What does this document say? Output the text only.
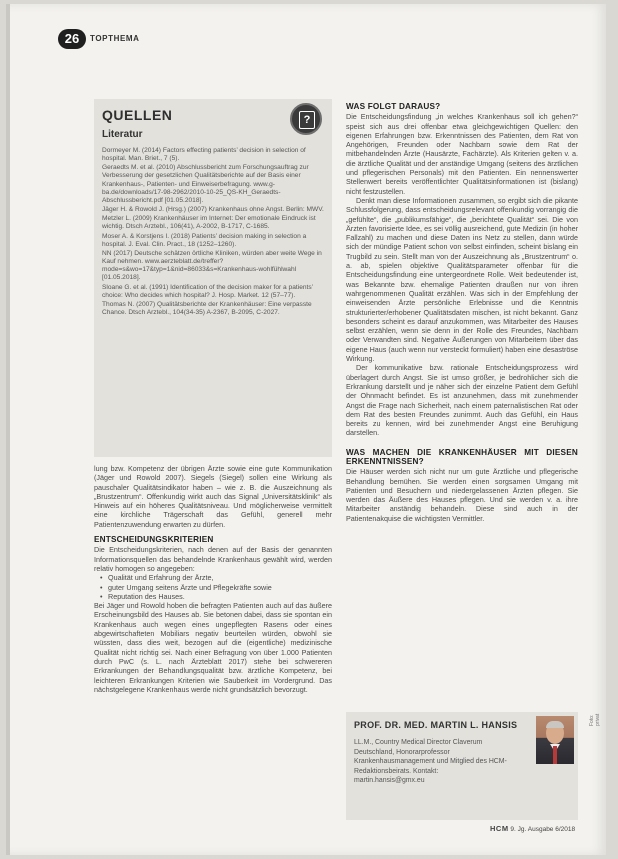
26	TOPTHEMA
QUELLEN
Literatur
?
Dormeyer M. (2014) Factors effecting patients’ decision in selection of hospital. Man. Briet., 7 (5).
Geraedts M. et al. (2010) Abschlussbericht zum Forschungsauftrag zur Verbesserung der gesetzlichen Qualitätsberichte auf der Basis einer Krankenhaus-, Patienten- und Einweiserbefragung. www.g-ba.de/downloads/17-98-2962/2010-10-25_QS-KH_Geraedts-Abschlussbericht.pdf [01.05.2018].
Jäger H. & Rowold J. (Hrsg.) (2007) Krankenhaus ohne Angst. Berlin: MWV.
Metzler L. (2009) Krankenhäuser im Internet: Der emotionale Eindruck ist wichtig. Dtsch Arztebl., 106(41), A-2002, B-1717, C-1685.
Moser A. & Korstjens I. (2018) Patients’ decision making in selection a hospital. J. Eval. Clin. Pract., 18 (1252–1260).
NN (2017) Deutsche schätzen örtliche Kliniken, würden aber weite Wege in Kauf nehmen. www.aerzteblatt.de/treffer?mode=s&wo=17&typ=1&nid=86033&s=Krankenhaus-wohlfühlwahl [01.05.2018].
Sloane G. et al. (1991) Identification of the decision maker for a patients’ choice: Who decides which hospital? J. Hosp. Market. 12 (57–77).
Thomas N. (2007) Qualitätsberichte der Krankenhäuser: Eine verpasste Chance. Dtsch Arztebl., 104(34-35) A-2367, B-2095, C-2027.

lung bzw. Kompetenz der übrigen Ärzte sowie eine gute Kommunikation (Jäger und Rowold 2007). Siegels (Siegel) sollen eine Wirkung als pauschaler Qualitätsindikator haben – wie z. B. die Auszeichnung als „Brustzentrum“. Offenkundig wirkt auch das Signal „Universitätsklinik“ als Hinweis auf ein höheres Qualitätsniveau. Und möglicherweise vermittelt eine kirchliche Trägerschaft das Gefühl, generell mehr Patientenzuwendung erwarten zu dürfen.

ENTSCHEIDUNGSKRITERIEN

Die Entscheidungskriterien, nach denen auf der Basis der genannten Informationsquellen das behandelnde Krankenhaus gewählt wird, werden relativ homogen so angegeben:

• Qualität und Erfahrung der Ärzte,
• guter Umgang seitens Ärzte und Pflegekräfte sowie
• Reputation des Hauses.

Bei Jäger und Rowold hoben die befragten Patienten auch auf das äußere Erscheinungsbild des Hauses ab. Sie betonen dabei, dass sie spontan ein Krankenhaus auch wegen eines ungepflegten Rasens oder eines abgewirtschafteten Mobiliars negativ beurteilen würden, obwohl sie wüssten, dass dies weit, bezogen auf die (eigentliche) medizinische Qualität nicht richtig sei. Nach einer Befragung von über 1.000 Patienten durch PwC (s. L. nach Ärzteblatt 2017) stehe bei schwereren Erkrankungen der Behandlungsqualität bzw. ärztliche Kompetenz, bei leichteren Erkrankungen Kriterien wie Sauberkeit im Vordergrund. Das nächstgelegene Krankenhaus werde nicht grundsätzlich bevorzugt.

WAS FOLGT DARAUS?

Die Entscheidungsfindung „in welches Krankenhaus soll ich gehen?“ speist sich aus drei offenbar etwa gleichgewichtigen Quellen: den eigenen Erfahrungen bzw. Erkenntnissen des Patienten, dem Rat von Angehörigen, Freunden oder Nachbarn sowie dem Rat der mitbehandelnden Ärzte (Hausärzte, Fachärzte). Als Kriterien gelten v. a. die ärztliche Qualität und der anständige Umgang (seitens des ärztlichen und pflegerischen Personals) mit den Patienten. Ein nennenswerter Stellenwert bereits veröffentlichter Qualitätsinformationen ist (bislang) nicht festzustellen.

Denkt man diese Informationen zusammen, so ergibt sich die pikante Schlussfolgerung, dass entscheidungsrelevant offenkundig vorrangig die „gefühlte“, die „publikumsfähige“, die „berichtete Qualität“ sei. Die von Ärzten favorisierte Idee, es sei völlig ausreichend, gute Medizin (in hoher Fallzahl) zu machen und diese Daten ins Netz zu stellen, dann würde sich der mündige Patient schon von selbst einfinden, scheint bislang ein Trugbild zu sein. Stellt man von der Auszeichnung als „Brustzentrum“ o. a. ab, spielen objektive Qualitätsparameter offenbar für die Entscheidungsfindung eine untergeordnete Rolle. Weit bedeutender ist, was Bekannte bzw. ehemalige Patienten draußen nur von ihren wahrgenommenen Qualität erzählen. Was sich in der Empfehlung der einweisenden Ärzte persönliche Erlebnisse und die Kenntnis strukturierter/erhobener Qualitätsdaten mischen, ist nicht bekannt. Ganz besonders scheint es darauf anzukommen, was Mitarbeiter des Hauses selbst erzählen, wenn sie denn in der Rolle des Freundes, Nachbarn oder Verwandten sind. Negative Äußerungen von Mitarbeitern über das eigene Haus (auch wenn nur versteckt formuliert) haben eine desaströse Wirkung.

Der kommunikative bzw. rationale Entscheidungsprozess wird überlagert durch Angst. Sie ist umso größer, je bedrohlicher sich die Erkrankung darstellt und je näher sich der einzelne Patient dem Gefühl der Ohnmacht befindet. Es ist anzunehmen, dass mit zunehmender Angst die Frage nach Sicherheit, nach einem paternalistischen Rat oder dem Rat des besten Freundes zunimmt. Auch das Gefühl, ein Haus bereits zu kennen, wird bei zunehmender Angst eine Beruhigung darstellen.

WAS MACHEN DIE KRANKENHÄUSER MIT DIESEN ERKENNTNISSEN?

Die Häuser werden sich nicht nur um gute Ärztliche und pflegerische Behandlung bemühen. Sie werden einen sorgsamen Umgang mit Patienten und Besuchern und niedergelassenen Ärzten pflegen. Sie werden das Äußere des Hauses pflegen. Und sie werden v. a. ihre Mitarbeiter anständig behandeln. Diese sind auch in der Patientenakquise die wichtigsten Vermittler.

PROF. DR. MED. MARTIN L. HANSIS
LL.M., Country Medical Director Claverum Deutschland, Honorarprofessor Krankenhausmanagement und Mitglied des HCM-Redaktionsbeirats. Kontakt: martin.hansis@gmx.eu
Foto: privat
HCM 9. Jg. Ausgabe 6/2018
